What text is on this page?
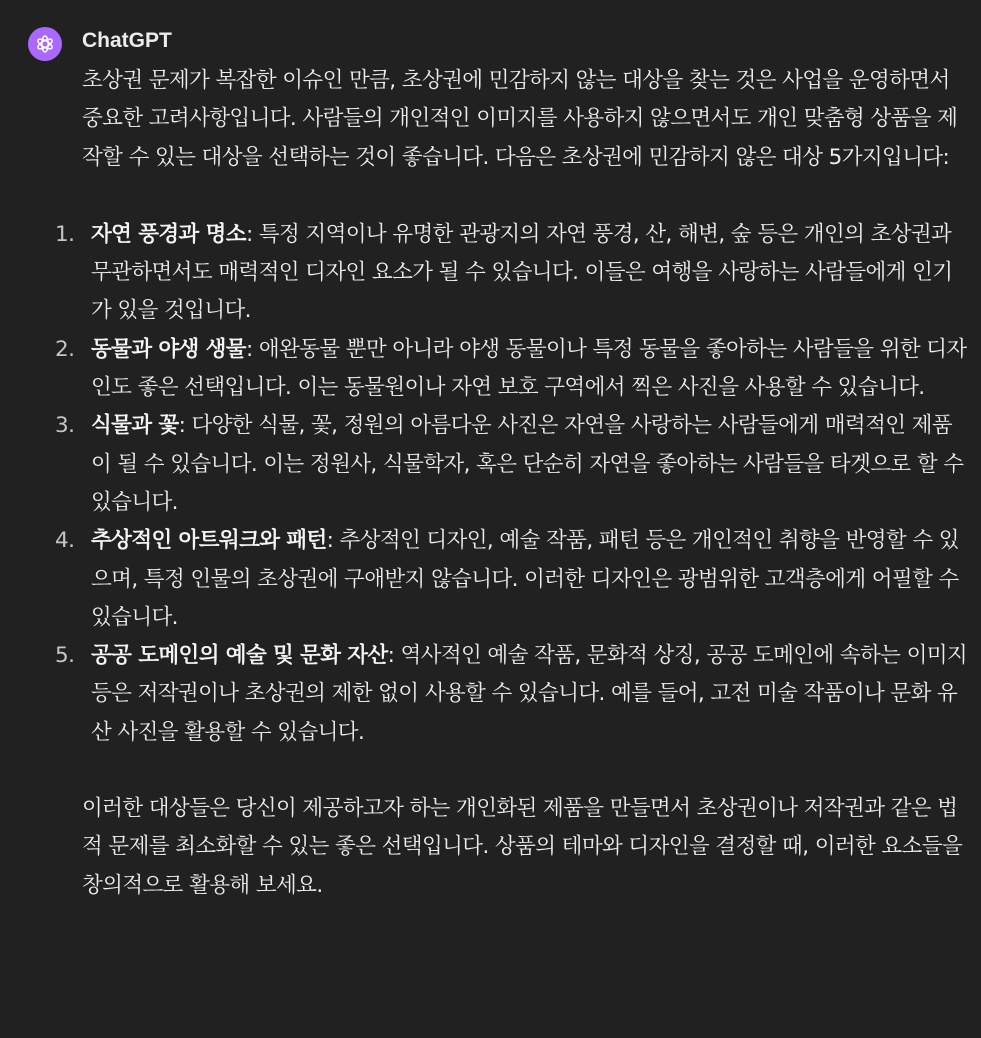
ChatGPT

초상권 문제가 복잡한 이슈인 만큼, 초상권에 민감하지 않는 대상을 찾는 것은 사업을 운영하면서 중요한 고려사항입니다. 사람들의 개인적인 이미지를 사용하지 않으면서도 개인 맞춤형 상품을 제작할 수 있는 대상을 선택하는 것이 좋습니다. 다음은 초상권에 민감하지 않은 대상 5가지입니다:

1. 자연 풍경과 명소: 특정 지역이나 유명한 관광지의 자연 풍경, 산, 해변, 숲 등은 개인의 초상권과 무관하면서도 매력적인 디자인 요소가 될 수 있습니다. 이들은 여행을 사랑하는 사람들에게 인기가 있을 것입니다.
2. 동물과 야생 생물: 애완동물 뿐만 아니라 야생 동물이나 특정 동물을 좋아하는 사람들을 위한 디자인도 좋은 선택입니다. 이는 동물원이나 자연 보호 구역에서 찍은 사진을 사용할 수 있습니다.
3. 식물과 꽃: 다양한 식물, 꽃, 정원의 아름다운 사진은 자연을 사랑하는 사람들에게 매력적인 제품이 될 수 있습니다. 이는 정원사, 식물학자, 혹은 단순히 자연을 좋아하는 사람들을 타겟으로 할 수 있습니다.
4. 추상적인 아트워크와 패턴: 추상적인 디자인, 예술 작품, 패턴 등은 개인적인 취향을 반영할 수 있으며, 특정 인물의 초상권에 구애받지 않습니다. 이러한 디자인은 광범위한 고객층에게 어필할 수 있습니다.
5. 공공 도메인의 예술 및 문화 자산: 역사적인 예술 작품, 문화적 상징, 공공 도메인에 속하는 이미지 등은 저작권이나 초상권의 제한 없이 사용할 수 있습니다. 예를 들어, 고전 미술 작품이나 문화 유산 사진을 활용할 수 있습니다.

이러한 대상들은 당신이 제공하고자 하는 개인화된 제품을 만들면서 초상권이나 저작권과 같은 법적 문제를 최소화할 수 있는 좋은 선택입니다. 상품의 테마와 디자인을 결정할 때, 이러한 요소들을 창의적으로 활용해 보세요.
